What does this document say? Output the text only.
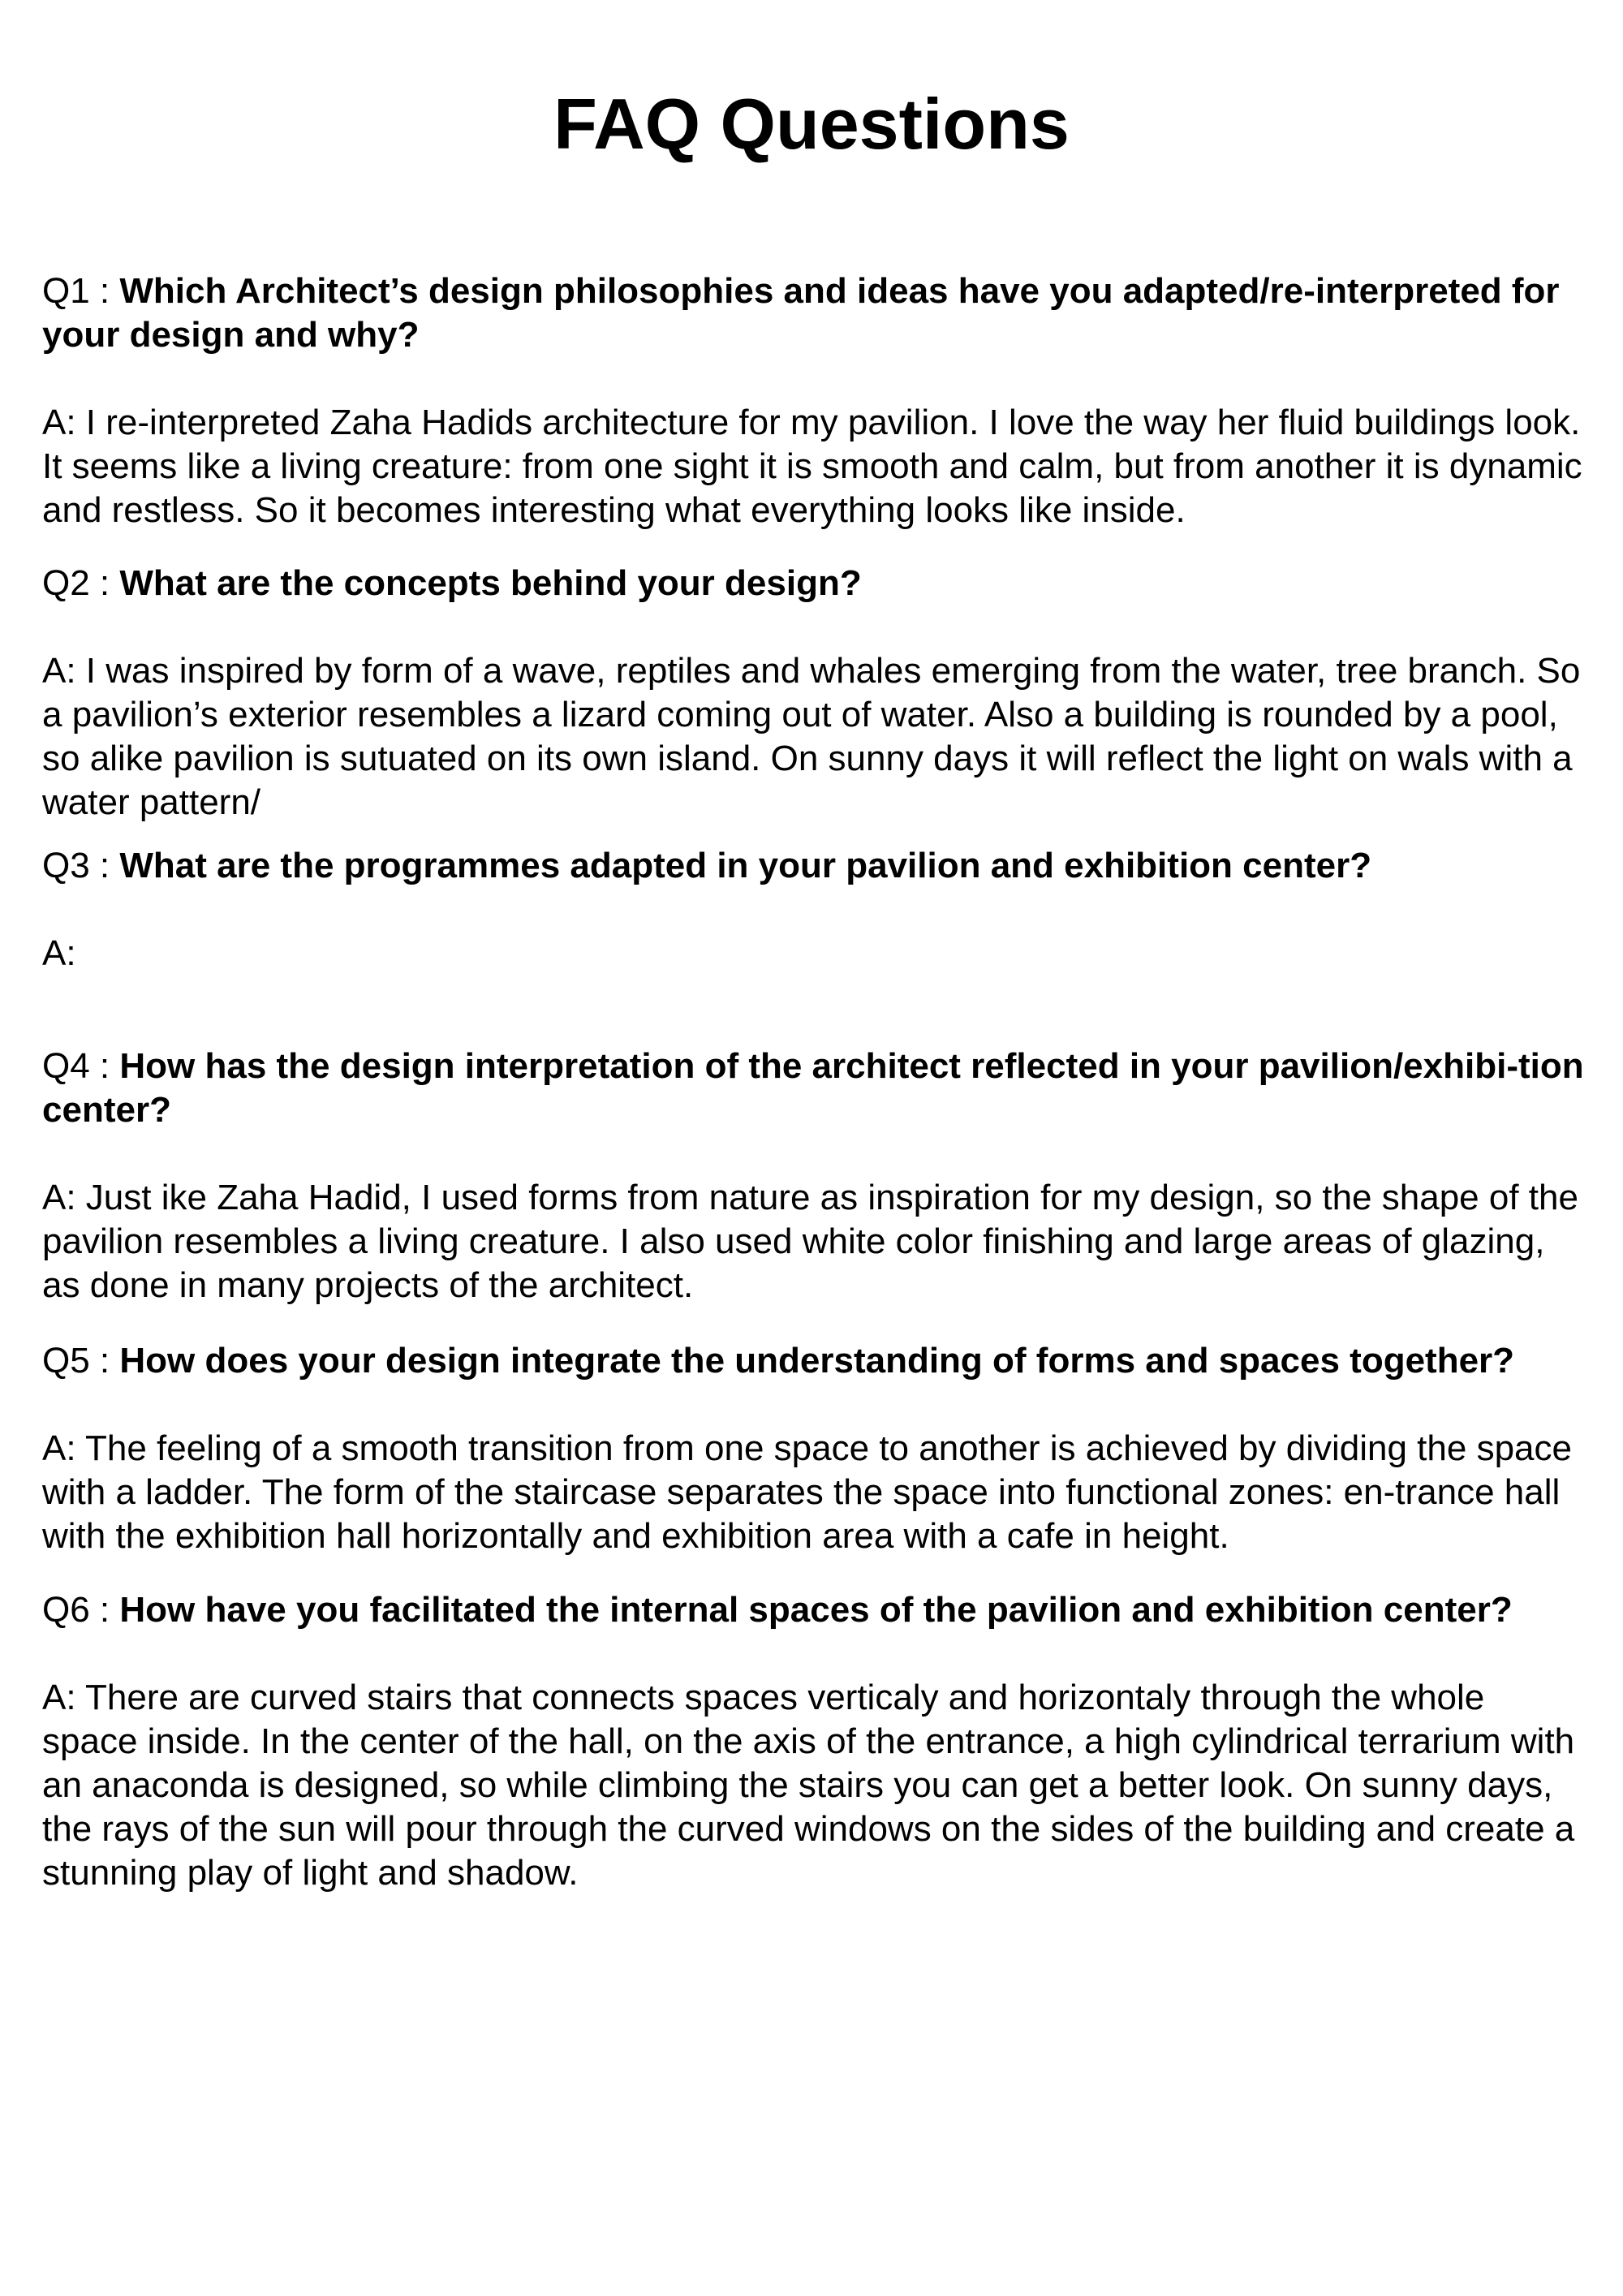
FAQ Questions

Q1 : Which Architect’s design philosophies and ideas have you adapted/re-interpreted for your design and why?

A: I re-interpreted Zaha Hadids architecture for my pavilion. I love the way her fluid buildings look. It seems like a living creature: from one sight it is smooth and calm, but from another it is dynamic and restless. So it becomes interesting what everything looks like inside.

Q2 : What are the concepts behind your design?

A: I was inspired by form of a wave, reptiles and whales emerging from the water, tree branch. So a pavilion’s exterior resembles a lizard coming out of water. Also a building is rounded by a pool, so alike pavilion is sutuated on its own island. On sunny days it will reflect the light on wals with a water pattern/

Q3 : What are the programmes adapted in your pavilion and exhibition center?

A:

Q4 : How has the design interpretation of the architect reflected in your pavilion/exhibi-tion center?

A: Just ike Zaha Hadid, I used forms from nature as inspiration for my design, so the shape of the pavilion resembles a living creature. I also used white color finishing and large areas of glazing, as done in many projects of the architect.

Q5 : How does your design integrate the understanding of forms and spaces together?

A: The feeling of a smooth transition from one space to another is achieved by dividing the space with a ladder. The form of the staircase separates the space into functional zones: en-trance hall with the exhibition hall horizontally and exhibition area with a cafe in height.

Q6 : How have you facilitated the internal spaces of the pavilion and exhibition center?

A: There are curved stairs that connects spaces verticaly and horizontaly through the whole space inside. In the center of the hall, on the axis of the entrance, a high cylindrical terrarium with an anaconda is designed, so while climbing the stairs you can get a better look. On sunny days, the rays of the sun will pour through the curved windows on the sides of the building and create a stunning play of light and shadow.
